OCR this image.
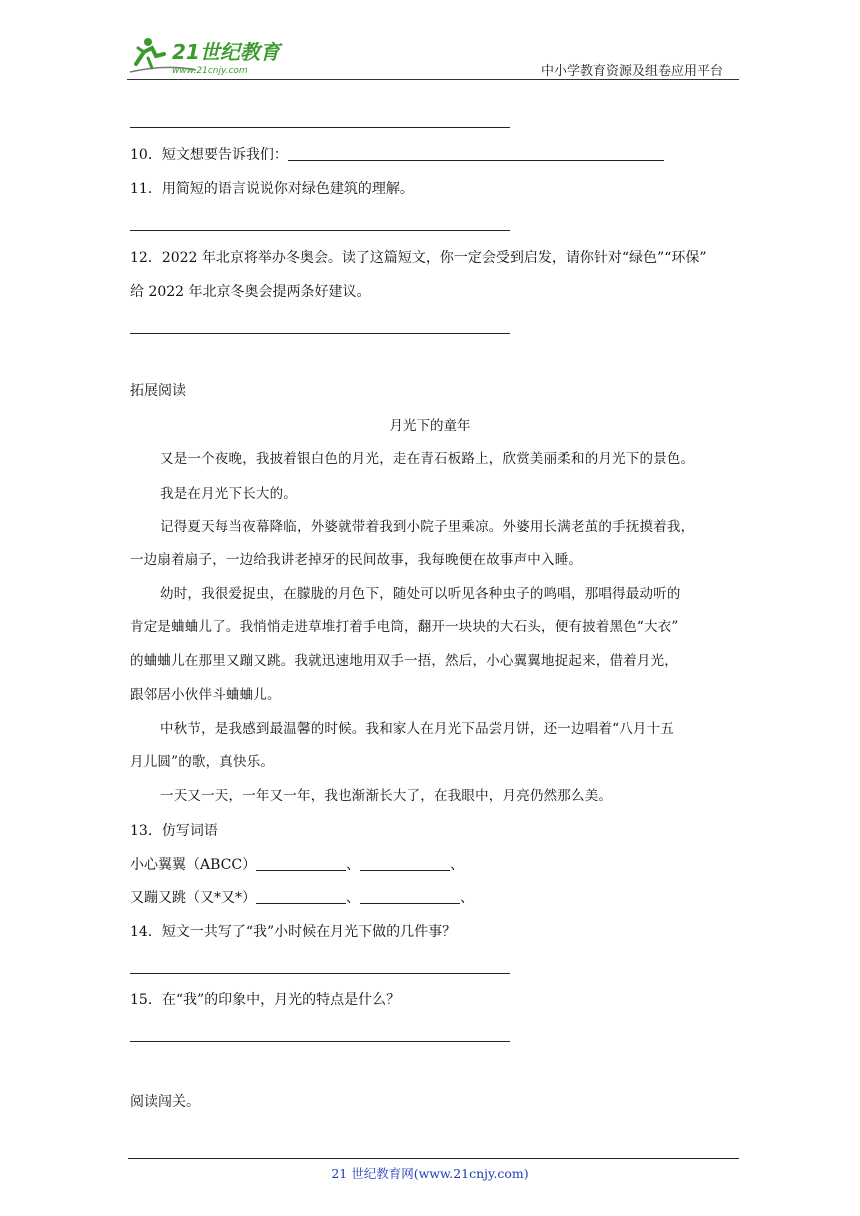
21世纪教育
www.21cnjy.com	中小学教育资源及组卷应用平台
10．短文想要告诉我们：
11．用简短的语言说说你对绿色建筑的理解。
12．2022 年北京将举办冬奥会。读了这篇短文，你一定会受到启发，请你针对“绿色”“环保”
给 2022 年北京冬奥会提两条好建议。
拓展阅读
月光下的童年
又是一个夜晚，我披着银白色的月光，走在青石板路上，欣赏美丽柔和的月光下的景色。
我是在月光下长大的。
记得夏天每当夜幕降临，外婆就带着我到小院子里乘凉。外婆用长满老茧的手抚摸着我，
一边扇着扇子，一边给我讲老掉牙的民间故事，我每晚便在故事声中入睡。
幼时，我很爱捉虫，在朦胧的月色下，随处可以听见各种虫子的鸣唱，那唱得最动听的
肯定是蛐蛐儿了。我悄悄走进草堆打着手电筒，翻开一块块的大石头，便有披着黑色“大衣”
的蛐蛐儿在那里又蹦又跳。我就迅速地用双手一捂，然后，小心翼翼地捉起来，借着月光，
跟邻居小伙伴斗蛐蛐儿。
中秋节，是我感到最温馨的时候。我和家人在月光下品尝月饼，还一边唱着“八月十五
月儿圆”的歌，真快乐。
一天又一天，一年又一年，我也渐渐长大了，在我眼中，月亮仍然那么美。
13．仿写词语
小心翼翼（ABCC）	、	、
又蹦又跳（又*又*）	、	、
14．短文一共写了“我”小时候在月光下做的几件事？
15．在“我”的印象中，月光的特点是什么？
阅读闯关。
21 世纪教育网(www.21cnjy.com)
